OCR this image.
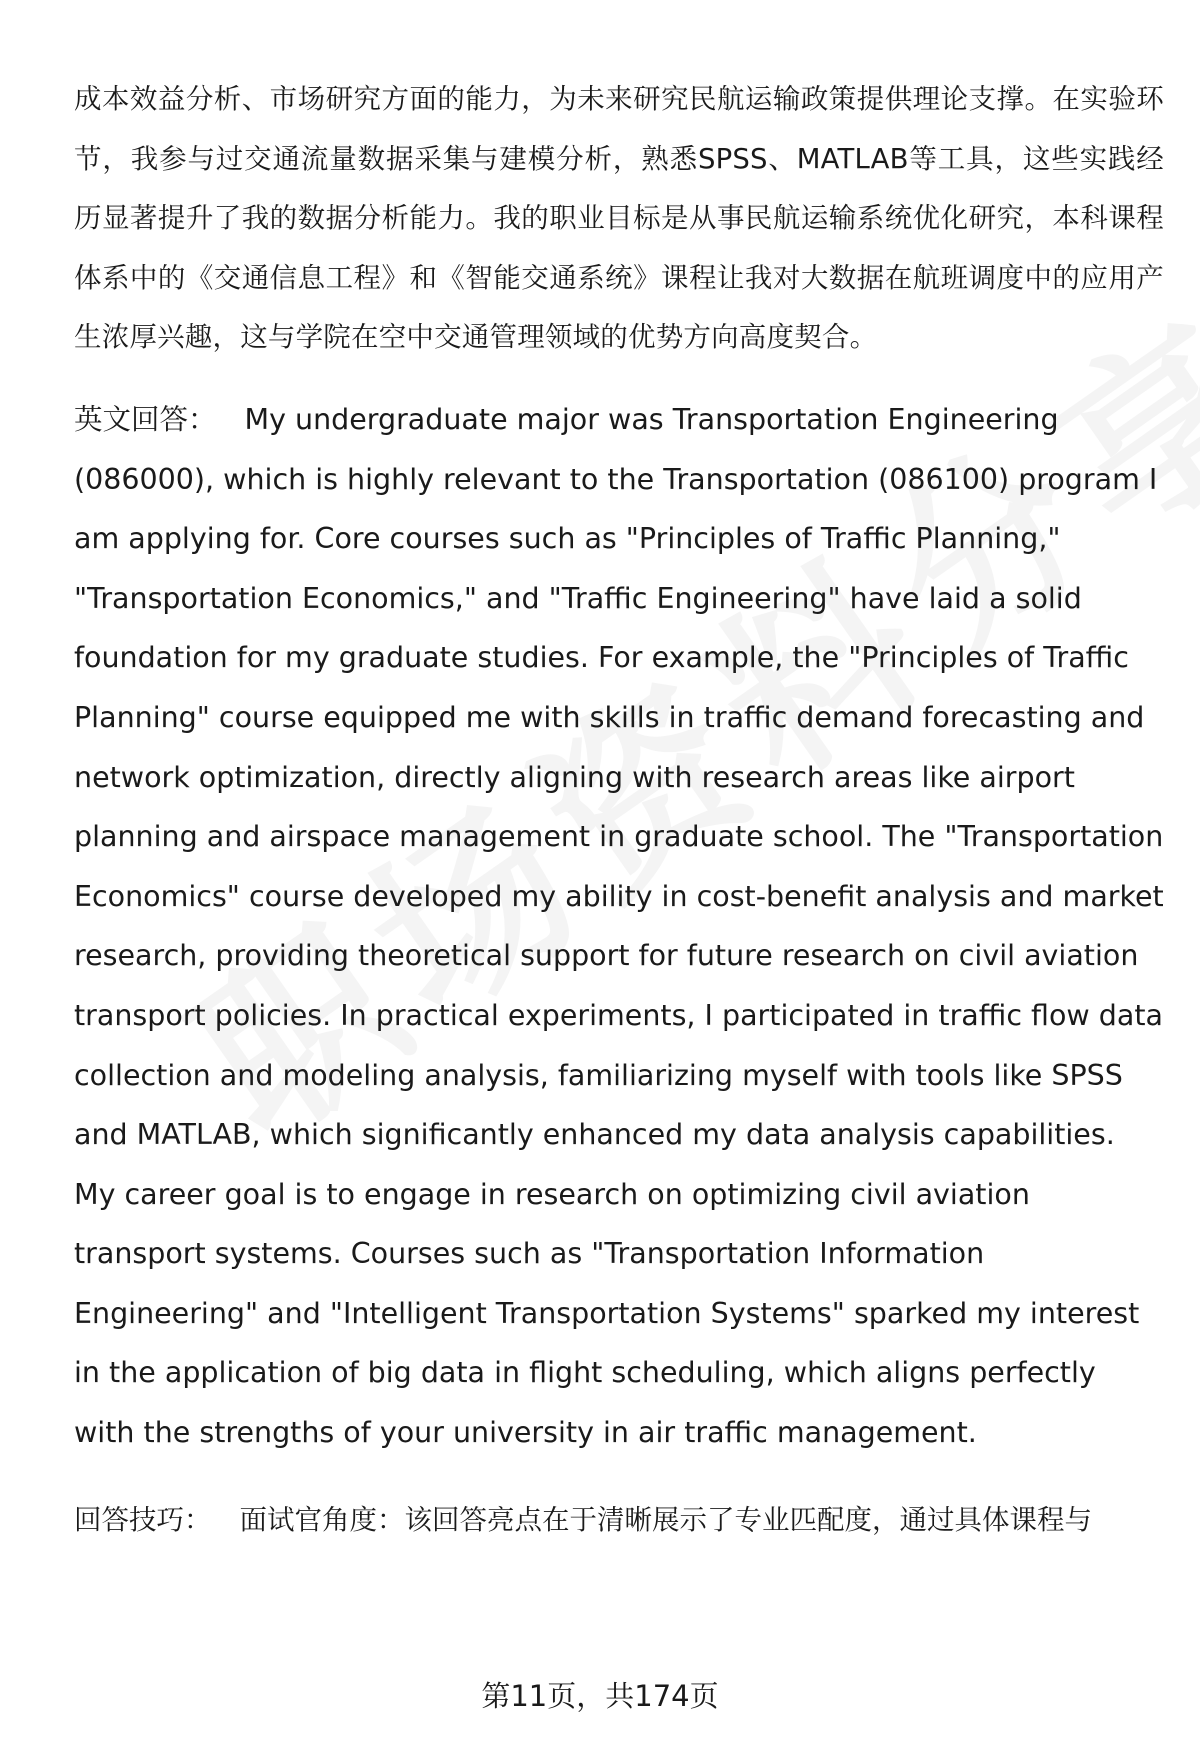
成本效益分析、市场研究方面的能力，为未来研究民航运输政策提供理论支撑。在实验环节，我参与过交通流量数据采集与建模分析，熟悉SPSS、MATLAB等工具，这些实践经历显著提升了我的数据分析能力。我的职业目标是从事民航运输系统优化研究，本科课程体系中的《交通信息工程》和《智能交通系统》课程让我对大数据在航班调度中的应用产生浓厚兴趣，这与学院在空中交通管理领域的优势方向高度契合。

英文回答： My undergraduate major was Transportation Engineering (086000), which is highly relevant to the Transportation (086100) program I am applying for. Core courses such as "Principles of Traffic Planning," "Transportation Economics," and "Traffic Engineering" have laid a solid foundation for my graduate studies. For example, the "Principles of Traffic Planning" course equipped me with skills in traffic demand forecasting and network optimization, directly aligning with research areas like airport planning and airspace management in graduate school. The "Transportation Economics" course developed my ability in cost-benefit analysis and market research, providing theoretical support for future research on civil aviation transport policies. In practical experiments, I participated in traffic flow data collection and modeling analysis, familiarizing myself with tools like SPSS and MATLAB, which significantly enhanced my data analysis capabilities. My career goal is to engage in research on optimizing civil aviation transport systems. Courses such as "Transportation Information Engineering" and "Intelligent Transportation Systems" sparked my interest in the application of big data in flight scheduling, which aligns perfectly with the strengths of your university in air traffic management.

回答技巧： 面试官角度：该回答亮点在于清晰展示了专业匹配度，通过具体课程与

第11页，共174页
